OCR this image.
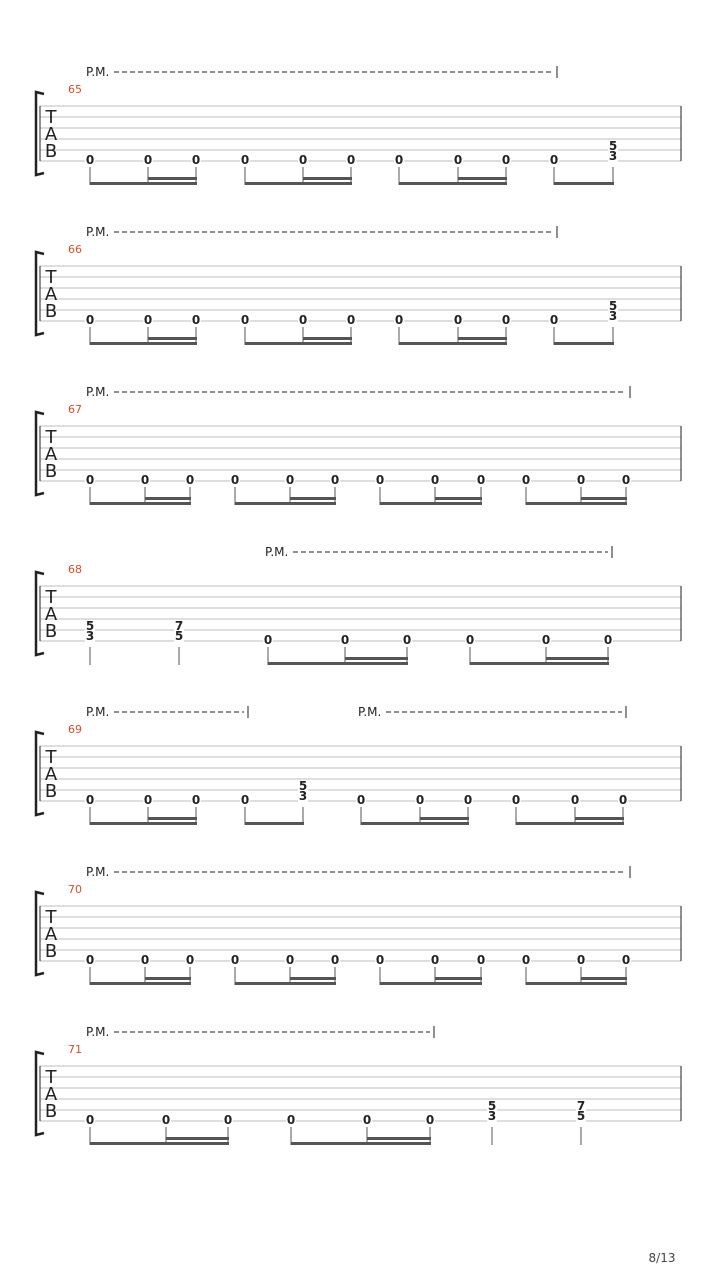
T
A
B
65
P.M.
0	0	0	0	0	0	0	0	0	0
5
3
T
A
B
66
P.M.
0	0	0	0	0	0	0	0	0	0
5
3
T
A
B
67
P.M.
0	0	0	0	0	0	0	0	0	0	0	0
T
A
B
68
P.M.
5
3
7
5	0	0	0	0	0	0
T
A
B
69
P.M.	P.M.
0	0	0	0
5
3	0	0	0	0	0	0
T
A
B
70
P.M.
0	0	0	0	0	0	0	0	0	0	0	0
T
A
B
71
P.M.
0	0	0	0	0	0
5
3
7
5
8/13
